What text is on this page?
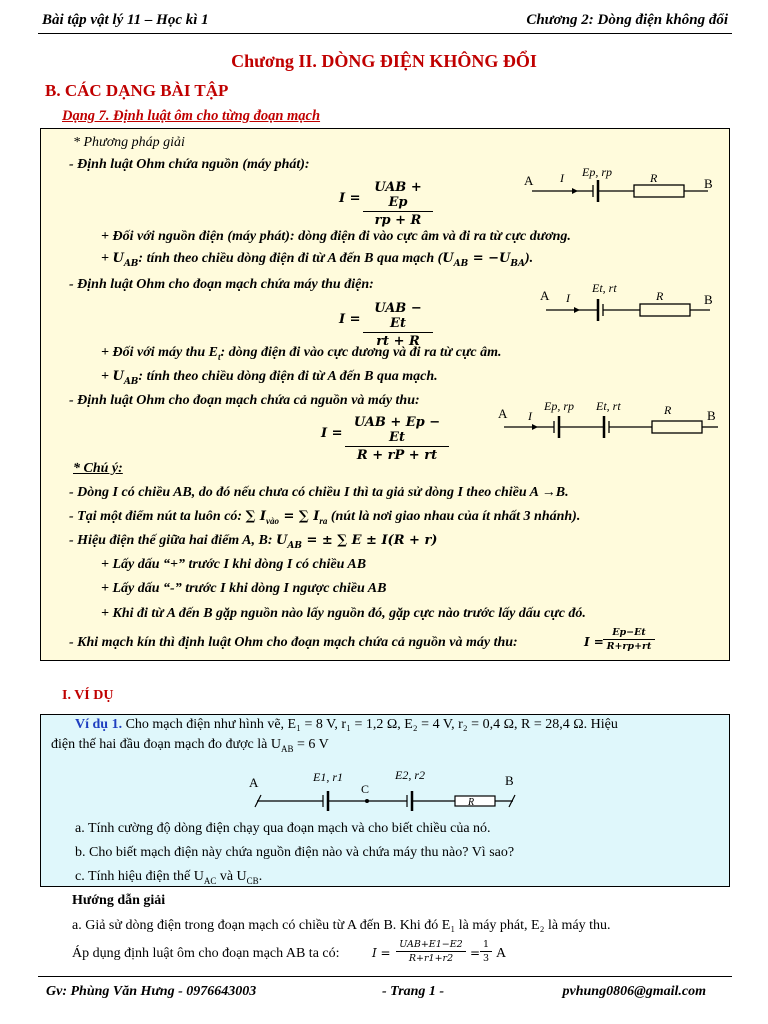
Bài tập vật lý 11 – Học kì 1	Chương 2: Dòng điện không đổi
Chương II. DÒNG ĐIỆN KHÔNG ĐỔI
B. CÁC DẠNG BÀI TẬP
Dạng 7. Định luật ôm cho từng đoạn mạch
* Phương pháp giải
- Định luật Ohm chứa nguồn (máy phát):
I =
UAB + Ep
rp + R
+ Đối với nguồn điện (máy phát): dòng điện đi vào cực âm và đi ra từ cực dương.
+ $U_{AB}$: tính theo chiều dòng điện đi từ A đến B qua mạch $(U_{AB} = -U_{BA})$.
- Định luật Ohm cho đoạn mạch chứa máy thu điện:
I =
UAB − Et
rt + R
+ Đối với máy thu $E_t$: dòng điện đi vào cực dương và đi ra từ cực âm.
+ $U_{AB}$: tính theo chiều dòng điện đi từ A đến B qua mạch.
- Định luật Ohm cho đoạn mạch chứa cả nguồn và máy thu:
I =
UAB + Ep − Et
R + rP + rt
* Chú ý:
- Dòng I có chiều AB, do đó nếu chưa có chiều I thì ta giả sử dòng I theo chiều A →B.
- Tại một điểm nút ta luôn có: ∑ $I_{vào}$ = ∑ $I_{ra}$ (nút là nơi giao nhau của ít nhất 3 nhánh).
- Hiệu điện thế giữa hai điểm A, B: $U_{AB}$ = ± ∑ E ± I(R + r)
+ Lấy dấu “+” trước I khi dòng I có chiều AB
+ Lấy dấu “-” trước I khi dòng I ngược chiều AB
+ Khi đi từ A đến B gặp nguồn nào lấy nguồn đó, gặp cực nào trước lấy dấu cực đó.
- Khi mạch kín thì định luật Ohm cho đoạn mạch chứa cả nguồn và máy thu:	$I = \frac{Ep-Et}{R+rp+rt}$
A	B
I Ep, rp	R
A	B
I
Et, rt
R
A	B
I
Ep, rp Et, rt	R
I. VÍ DỤ
Ví dụ 1. Cho mạch điện như hình vẽ, E₁ = 8 V, r₁ = 1,2 Ω, E₂ = 4 V, r₂ = 0,4 Ω, R = 28,4 Ω. Hiệu
điện thế hai đầu đoạn mạch đo được là $U_{AB} = 6$ V
A	B
E1, r1
C
E2, r2
R
a. Tính cường độ dòng điện chạy qua đoạn mạch và cho biết chiều của nó.
b. Cho biết mạch điện này chứa nguồn điện nào và chứa máy thu nào? Vì sao?
c. Tính hiệu điện thế $U_{AC}$ và $U_{CB}$.
Hướng dẫn giải
a. Giả sử dòng điện trong đoạn mạch có chiều từ A đến B. Khi đó E₁ là máy phát, E₂ là máy thu.
Áp dụng định luật ôm cho đoạn mạch AB ta có:	I =
UAB+E1−E2
R+r1+r2	= $\frac{1}{3}$ A
Gv: Phùng Văn Hưng - 0976643003	- Trang 1 -	pvhung0806@gmail.com
